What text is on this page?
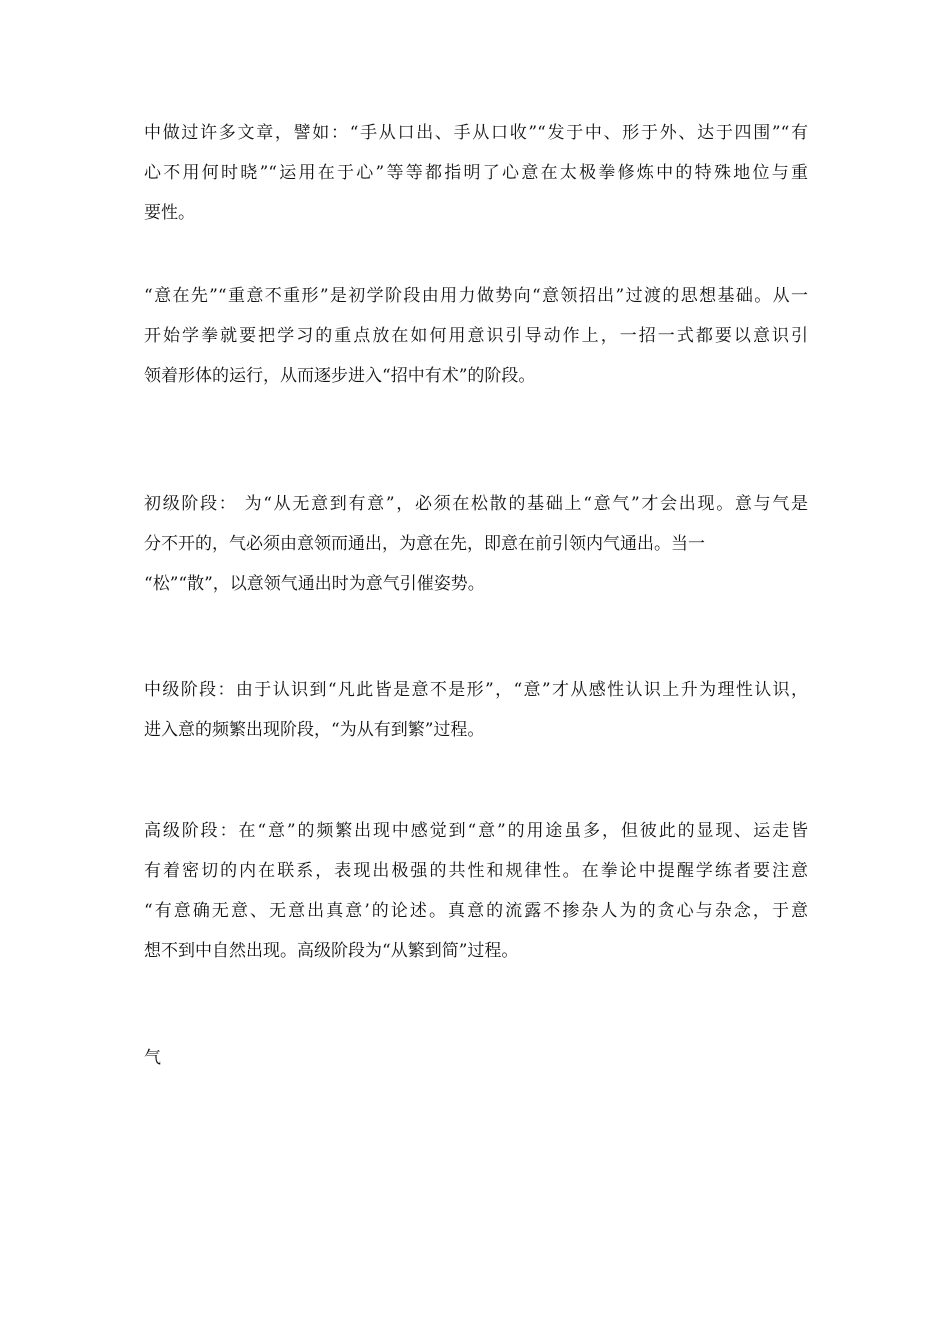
中做过许多文章，譬如：“手从口出、手从口收”“发于中、形于外、达于四围”“有
心不用何时晓”“运用在于心”等等都指明了心意在太极拳修炼中的特殊地位与重
要性。
“意在先”“重意不重形”是初学阶段由用力做势向“意领招出”过渡的思想基础。从一
开始学拳就要把学习的重点放在如何用意识引导动作上，一招一式都要以意识引
领着形体的运行，从而逐步进入“招中有术”的阶段。
初级阶段： 为“从无意到有意”，必须在松散的基础上“意气”才会出现。意与气是
分不开的，气必须由意领而通出，为意在先，即意在前引领内气通出。当一
“松”“散”，以意领气通出时为意气引催姿势。
中级阶段：由于认识到“凡此皆是意不是形”，“意”才从感性认识上升为理性认识，
进入意的频繁出现阶段，“为从有到繁”过程。
高级阶段：在“意”的频繁出现中感觉到“意”的用途虽多，但彼此的显现、运走皆
有着密切的内在联系，表现出极强的共性和规律性。在拳论中提醒学练者要注意
“有意确无意、无意出真意’的论述。真意的流露不掺杂人为的贪心与杂念，于意
想不到中自然出现。高级阶段为“从繁到简”过程。
气
